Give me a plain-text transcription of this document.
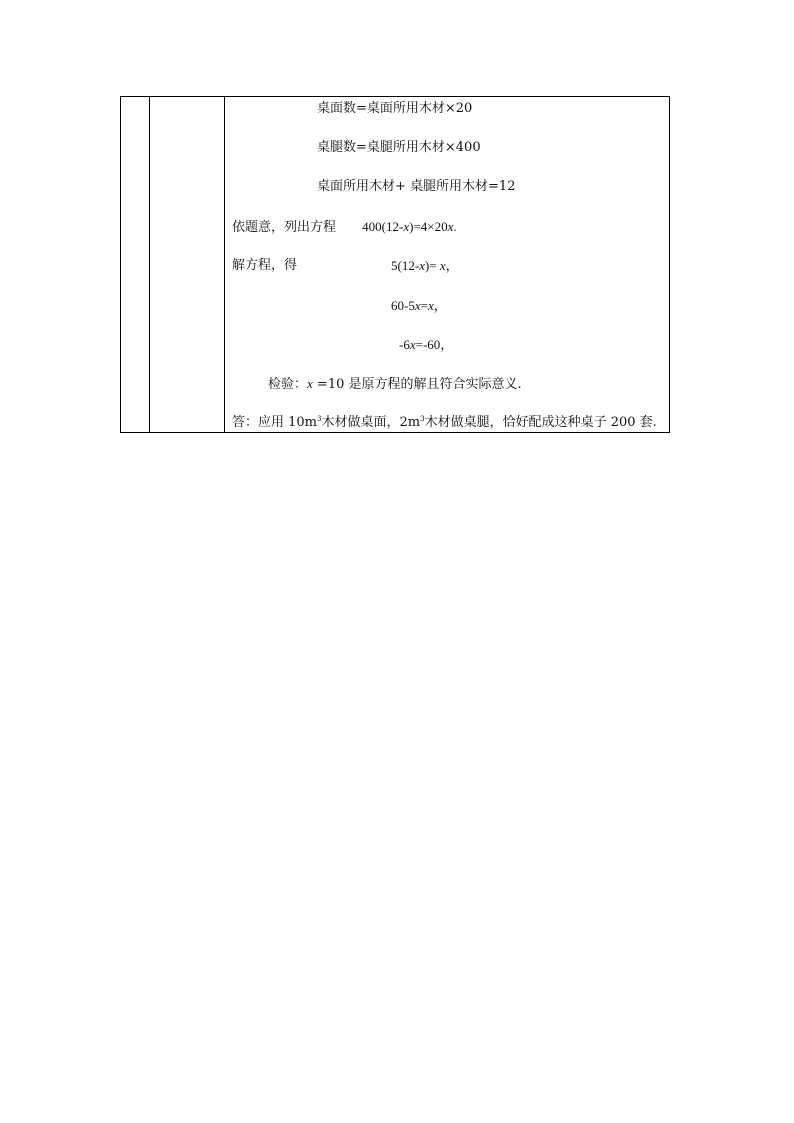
桌面数=桌面所用木材×20
桌腿数=桌腿所用木材×400
桌面所用木材+ 桌腿所用木材=12
依题意，列出方程 400(12-x)=4×20x.
解方程，得	5(12-x)= x，
60-5x=x，
-6x=-60，
检验：x =10 是原方程的解且符合实际意义.
答：应用 $10m^3$木材做桌面，$2m^3$木材做桌腿，恰好配成这种桌子 200 套.
